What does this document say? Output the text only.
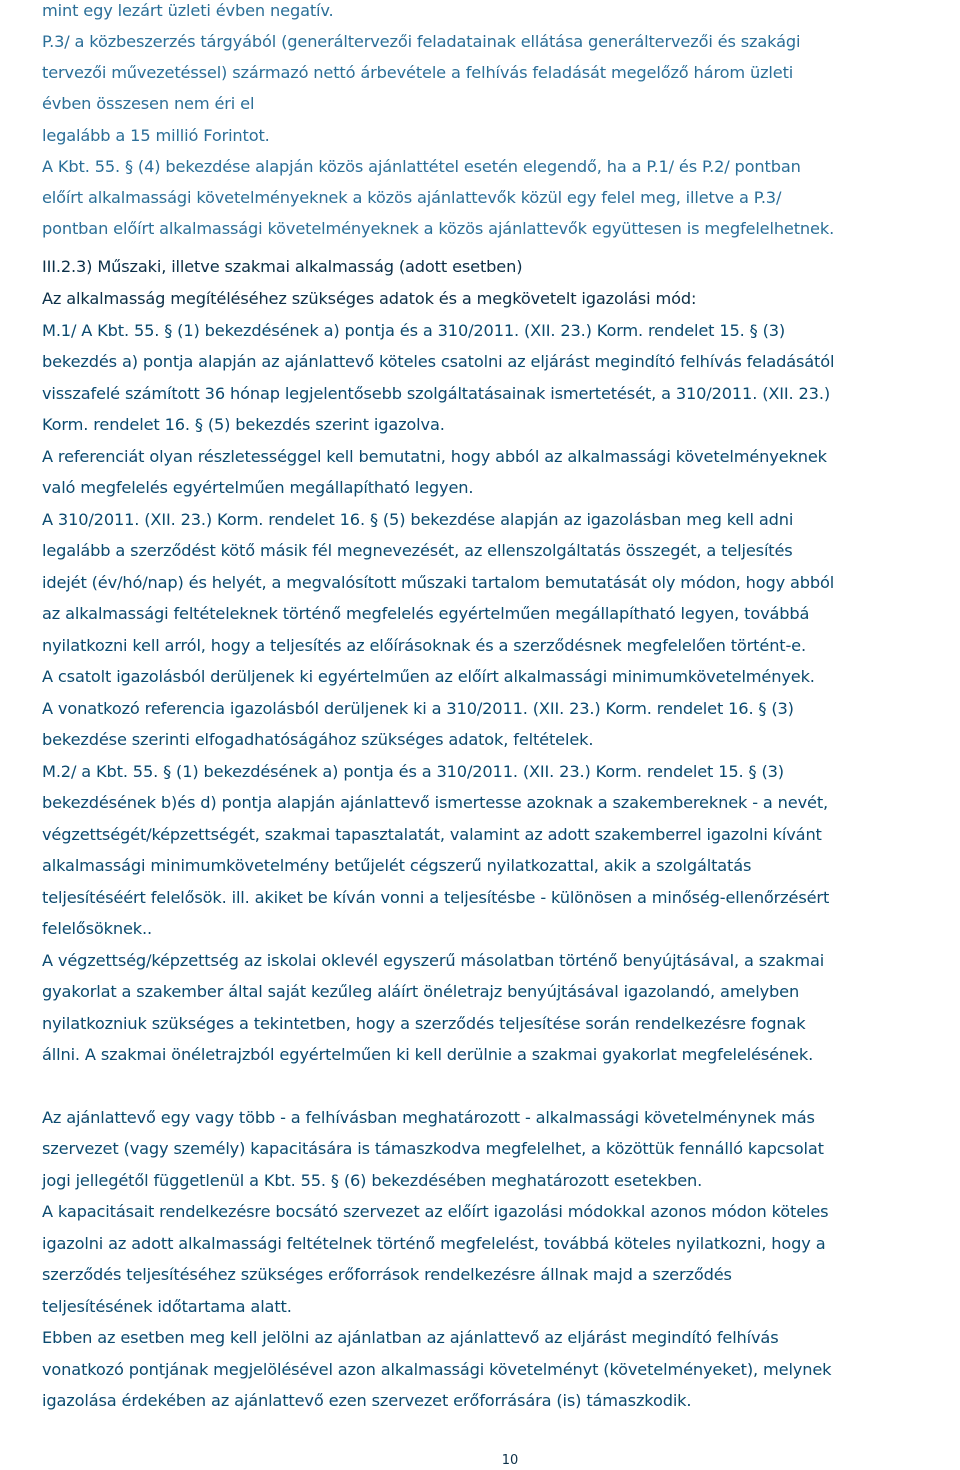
mint egy lezárt üzleti évben negatív.
P.3/ a közbeszerzés tárgyából (generáltervezői feladatainak ellátása generáltervezői és szakági
tervezői művezetéssel) származó nettó árbevétele a felhívás feladását megelőző három üzleti
évben összesen nem éri el
legalább a 15 millió Forintot.
A Kbt. 55. § (4) bekezdése alapján közös ajánlattétel esetén elegendő, ha a P.1/ és P.2/ pontban
előírt alkalmassági követelményeknek a közös ajánlattevők közül egy felel meg, illetve a P.3/
pontban előírt alkalmassági követelményeknek a közös ajánlattevők együttesen is megfelelhetnek.
III.2.3) Műszaki, illetve szakmai alkalmasság (adott esetben)
Az alkalmasság megítéléséhez szükséges adatok és a megkövetelt igazolási mód:
M.1/ A Kbt. 55. § (1) bekezdésének a) pontja és a 310/2011. (XII. 23.) Korm. rendelet 15. § (3)
bekezdés a) pontja alapján az ajánlattevő köteles csatolni az eljárást megindító felhívás feladásától
visszafelé számított 36 hónap legjelentősebb szolgáltatásainak ismertetését, a 310/2011. (XII. 23.)
Korm. rendelet 16. § (5) bekezdés szerint igazolva.
A referenciát olyan részletességgel kell bemutatni, hogy abból az alkalmassági követelményeknek
való megfelelés egyértelműen megállapítható legyen.
A 310/2011. (XII. 23.) Korm. rendelet 16. § (5) bekezdése alapján az igazolásban meg kell adni
legalább a szerződést kötő másik fél megnevezését, az ellenszolgáltatás összegét, a teljesítés
idejét (év/hó/nap) és helyét, a megvalósított műszaki tartalom bemutatását oly módon, hogy abból
az alkalmassági feltételeknek történő megfelelés egyértelműen megállapítható legyen, továbbá
nyilatkozni kell arról, hogy a teljesítés az előírásoknak és a szerződésnek megfelelően történt-e.
A csatolt igazolásból derüljenek ki egyértelműen az előírt alkalmassági minimumkövetelmények.
A vonatkozó referencia igazolásból derüljenek ki a 310/2011. (XII. 23.) Korm. rendelet 16. § (3)
bekezdése szerinti elfogadhatóságához szükséges adatok, feltételek.
M.2/ a Kbt. 55. § (1) bekezdésének a) pontja és a 310/2011. (XII. 23.) Korm. rendelet 15. § (3)
bekezdésének b)és d) pontja alapján ajánlattevő ismertesse azoknak a szakembereknek - a nevét,
végzettségét/képzettségét, szakmai tapasztalatát, valamint az adott szakemberrel igazolni kívánt
alkalmassági minimumkövetelmény betűjelét cégszerű nyilatkozattal, akik a szolgáltatás
teljesítéséért felelősök. ill. akiket be kíván vonni a teljesítésbe - különösen a minőség-ellenőrzésért
felelősöknek..
A végzettség/képzettség az iskolai oklevél egyszerű másolatban történő benyújtásával, a szakmai
gyakorlat a szakember által saját kezűleg aláírt önéletrajz benyújtásával igazolandó, amelyben
nyilatkozniuk szükséges a tekintetben, hogy a szerződés teljesítése során rendelkezésre fognak
állni. A szakmai önéletrajzból egyértelműen ki kell derülnie a szakmai gyakorlat megfelelésének.
Az ajánlattevő egy vagy több - a felhívásban meghatározott - alkalmassági követelménynek más
szervezet (vagy személy) kapacitására is támaszkodva megfelelhet, a közöttük fennálló kapcsolat
jogi jellegétől függetlenül a Kbt. 55. § (6) bekezdésében meghatározott esetekben.
A kapacitásait rendelkezésre bocsátó szervezet az előírt igazolási módokkal azonos módon köteles
igazolni az adott alkalmassági feltételnek történő megfelelést, továbbá köteles nyilatkozni, hogy a
szerződés teljesítéséhez szükséges erőforrások rendelkezésre állnak majd a szerződés
teljesítésének időtartama alatt.
Ebben az esetben meg kell jelölni az ajánlatban az ajánlattevő az eljárást megindító felhívás
vonatkozó pontjának megjelölésével azon alkalmassági követelményt (követelményeket), melynek
igazolása érdekében az ajánlattevő ezen szervezet erőforrására (is) támaszkodik.
10
